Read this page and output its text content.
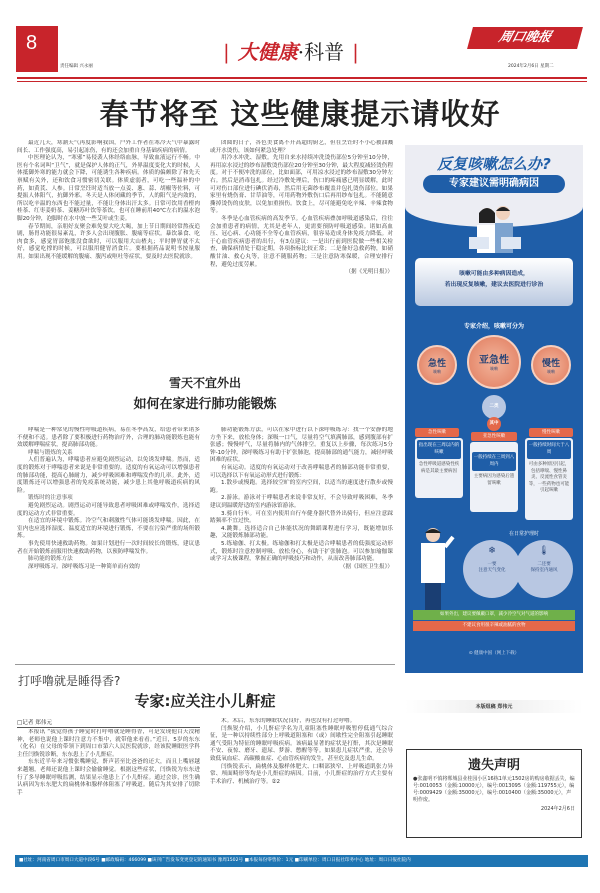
8
责任编辑 兴永丽
| 大健康·科普 |
周口晚报
2024年2月6日 星期二
春节将至 这些健康提示请收好

最近几天，寒潮天气再度影响我国，户外工作者在寒冷天气中暴露时间长、工作强度高，易引起冻伤，有的还会加重自身基础疾病的病情。

中医理论认为，“寒邪”易侵袭人体经络血脉，导致血液运行不畅。中医有个名词叫“卫气”，就是保护人体的正气，外界温度变化大的时候，人体抵御外寒的能力就会下降，可能诱生各种疾病。体质的偏颇除了和先天禀赋有关外，还和饮食习惯密切关联。体质虚弱者，可吃一些温补的中药，如黄芪、人参。日常烹饪时适当放一点姜、葱、蒜、胡椒等佐料，可提振人体阳气，抗御外邪。冬天是人体闭藏的季节，人的阳气是内敛的，所以吃辛温的东西也不能过量，不能让身体出汗太多。日常可饮用香橙肉桂茶、红枣姜奶茶、姜糖苏叶饮等茶饮，也可在睡前用40℃左右的温水泡脚20分钟，泡脚时在水中放一些艾叶或生姜。

春节期间，亲朋好友聚会难免要大吃大喝，加上节日期间经常熬夜追剧，肠胃功能很易紊乱，许多人会出现腹胀、腹痛等症状。暴饮暴食、吃肉食多，感觉胃部饱胀没食欲时，可以服用大山楂丸；平时脾胃就不太好，感觉吃撑的时候，可以服用健胃消食片。要根据药品说明书按量服用。如果出现不能缓解的腹痛、腹泻或呕吐等症状，要及时去医院就诊。

团圆的日子，各色美食离不开高超的厨艺，但在烹饪时不小心被油溅或开水烫伤，该如何紧急处理？

用冷水冲洗、湿敷。先用自来水持续冲洗烫伤部位5分钟至10分钟，再用凉水浸过的纱布湿敷烫伤部位20分钟至30分钟，最大程度减轻烫伤程度。对于不便冲洗的部位，比如面部，可用凉水浸过的纱布湿敷30分钟左右。然后是消毒包扎。经过冷敷处理后，伤口的疼痛感已明显缓解，此时可对伤口部位进行碘伏消毒，然后用无菌纱布覆盖并包扎烫伤部位。如果家里有烧伤膏、甘草油等，可用药物外敷伤口后再用纱布包扎。不能随意撕掉烫伤的皮肤，以免加重损伤。饮食上，尽可能避免吃辛辣、辛辣食物等。

冬季是心血管疾病的高发季节。心血管疾病叠加呼吸道感染后，往往会加重患者的病情，尤其是老年人，更需要预防呼吸道感染。诸如高血压、冠心病、心功能不全等心血管疾病，很容易造成身体免疫力降低。对于心血管疾病患者的出行，有3点建议：一是出行前到医院做一些相关检查，确保病情处于稳定期，各项指标比较正常；二是备好急救药物，如硝酸甘油、救心丸等，注意不随服药物；三是注意防寒保暖，合理安排行程，避免过度劳累。

（据《光明日报》）

雪天不宜外出
如何在家进行肺功能锻炼

哮喘是一种常见的慢性呼吸道疾病，易在冬季高发，给患者带来诸多不便和不适。患者除了要积极进行药物治疗外，合理的肺功能锻炼也能有效缓解哮喘症状，提高肺部功能。

哮喘与锻炼的关系

人们普遍认为，哮喘患者应避免剧烈运动，以免诱发哮喘。然而，适度的锻炼对于哮喘患者来说是非常重要的。适度的有氧运动可以增强患者的肺部功能，提高心肺耐力，减少呼吸困难和哮喘发作的几率。此外，适度锻炼还可以增强患者的免疫系统功能，减少患上其他呼吸道疾病的风险。

锻炼时的注意事项

避免剧烈运动。剧烈运动可能导致患者呼吸困难或哮喘发作，选择适度的运动方式非常重要。

在适宜的环境中锻炼。冷空气和刺激性气体可能诱发哮喘。因此，在室内也应选择湿度、温度适宜的环境进行锻炼，不要在污染严重的场所锻炼。

事先使用快速救助药物。如果计划进行一次时间较长的锻炼，建议患者在开始锻炼前服用快速救助药物，以预防哮喘发作。

肺功能的锻炼方法

深呼吸练习。深呼吸练习是一种简单而有效的

肺功能锻炼方法，可以在家中进行以下深呼吸练习：找一个安静的地方坐下来，放松身体；深吸一口气，尽量将空气填满肺部，感到腹部有扩张感；慢慢呼气，尽量将肺内的气体排空。重复以上步骤，每次练习5分钟-10分钟。深呼吸练习有助于扩张肺泡，提高肺部的通气能力，减轻呼吸困难的症状。

有氧运动。适度的有氧运动对于改善哮喘患者的肺部功能非常重要，可以选择以下有氧运动形式进行锻炼：

1.散步或慢跑。选择较空旷的室内空间，以适当的速度进行散步或慢跑。

2.游泳。游泳对于哮喘患者来说非常友好，不会导致呼吸困难，冬季建议到温暖舒适的室内游泳馆游泳。

3.骑自行车。可在室内使用自行车健身器代替外出骑行，但应注意踩踏频率不宜过快。

4.跳舞。选择适合自己体能状况的舞蹈课程进行学习，既能增加乐趣，又能锻炼肺部功能。

5.练瑜伽、打太极。练瑜伽和打太极是适合哮喘患者的低强度运动形式，锻炼时注意控制呼吸、放松身心，有助于扩张肺泡。可以参加瑜伽课或学习太极课程，掌握正确的呼吸技巧和动作，从而改善肺部功能。

（据《国医卫生报》）

打呼噜就是睡得香?
专家:应关注小儿鼾症
□记者 郑伟元

本报讯 “我觉得孩子睡觉时打呼噜就是睡得香，可是发现他白天没精神，老师也说他上课时注意力不集中，就带他来看看。”近日，5岁的东东（化名）在父母的带领下到周口市第六人民医院就诊，经该院睡眠医学科主任闫焕锐诊断，东东患上了小儿鼾症。

东东近半年来习惯张嘴睡觉，鼾声甚至比爸爸的还大，而且上嘴唇越来越翘，老师还说他上课时会偷偷睡觉。根据这些症状，闫焕锐为东东进行了多导睡眠呼吸监测，结果显示他患上了小儿鼾症。通过会诊，医生确认病因为东东肥大的扁桃体和腺样体阻塞了呼吸道。随后为其安排了切除手

术。术后，东东的睡眠状况良好，再也没有打过呼噜。

闫焕锐介绍，小儿鼾症学名为儿童阻塞性睡眠呼吸暂停低通气综合征，是一种以持续性部分上呼吸道阻塞和（或）间歇性完全阻塞引起睡眠通气受阻为特征的睡眠呼吸疾病。该病最显著的症状是打鼾，其次是睡眠不安、夜惊、磨牙、遗尿、梦游、憋醒等等。如果患儿症状严重，还会导致低氧血症、高碳酸血症、心血管疾病的发生，甚至危及患儿生命。

闫焕锐表示，扁桃体及腺样体肥大、口咽部狭窄、上呼吸道肌张力异常、颅面畸形等均是小儿鼾症的病因。目前，小儿鼾症的治疗方式主要有手术治疗、机械治疗等。②2

反复咳嗽怎么办?
专家建议需明确病因
咳嗽可能由多种病因造成，
若出现反复咳嗽，建议去医院进行诊治
专家介绍，咳嗽可分为
急性
咳嗽
亚急性
咳嗽	慢性
咳嗽
二类
其中
急性咳嗽
亚急性咳嗽
慢性咳嗽
指出现在三周以内的咳嗽
急性呼吸道感染性疾病是其最主要病因
一般持续在三周到八周内
主要病因为感染后遗留咳嗽
一般持续时间大于八周
可由多种原因引起，包括哮喘、慢性鼻炎、反流性食管炎等，一些药物也可能引起咳嗽
在日常护理时
❄
一要
注意天气变化
🌡
二还要
保持室内通风
如果外出，建议要佩戴口罩，减少冷空气对气道的影响
不建议食用很辛辣或油腻的食物
⊙ 健康中国（网上下载）
本版组稿 郑伟元
遗失声明

●张鑫明不慎将郸城县业桂园小区16栋1单元1502房的购房收据丢失，编号:0010053（金额:10000元），编号:0013095（金额:119755元），编号:0009429（金额:35000元），编号:0010400（金额:35000元），声明作废。

2024年2月6日

■社址：河南省周口市周口大道中段6号 ■邮政编码：466099 ■该刊广告发布变更登记的通知书 豫周1502号 ■本报每份零售价：1元 ■印刷单位：周口日报社印务中心 地址：周口日报社院内
